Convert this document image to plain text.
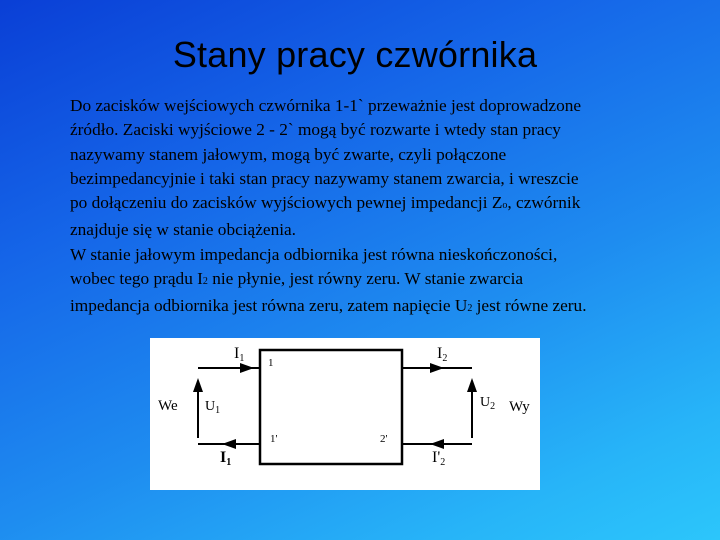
Stany pracy czwórnika

Do zacisków wejściowych czwórnika 1-1` przeważnie jest doprowadzone
źródło. Zaciski wyjściowe 2 - 2` mogą być rozwarte i wtedy stan pracy
nazywamy stanem jałowym, mogą być zwarte, czyli połączone
bezimpedancyjnie i taki stan pracy nazywamy stanem zwarcia, i wreszcie
po dołączeniu do zacisków wyjściowych pewnej impedancji Zo, czwórnik
znajduje się w stanie obciążenia.

W stanie jałowym impedancja odbiornika jest równa nieskończoności,
wobec tego prądu I2 nie płynie, jest równy zeru. W stanie zwarcia
impedancja odbiornika jest równa zeru, zatem napięcie U2 jest równe zeru.

I1	I2
We $U_1$
$U_2$ Wy
1
1'	2'
I1	I'2
